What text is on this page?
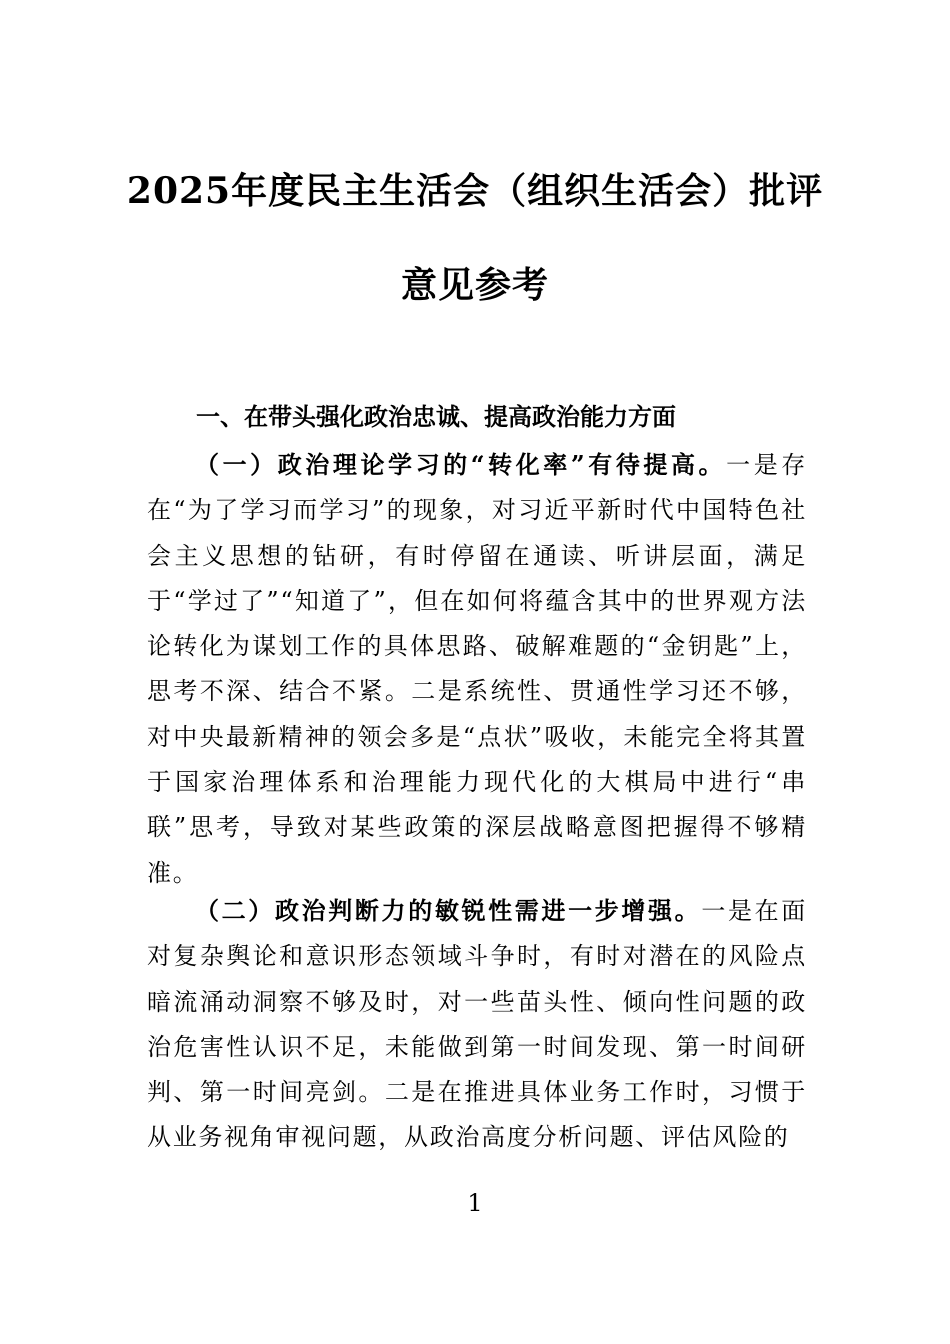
2025年度民主生活会（组织生活会）批评
意见参考
一、在带头强化政治忠诚、提高政治能力方面

（一）政治理论学习的“转化率”有待提高。一是存在“为了学习而学习”的现象，对习近平新时代中国特色社会主义思想的钻研，有时停留在通读、听讲层面，满足于“学过了”“知道了”，但在如何将蕴含其中的世界观方法论转化为谋划工作的具体思路、破解难题的“金钥匙”上，思考不深、结合不紧。二是系统性、贯通性学习还不够，对中央最新精神的领会多是“点状”吸收，未能完全将其置于国家治理体系和治理能力现代化的大棋局中进行“串联”思考，导致对某些政策的深层战略意图把握得不够精准。

（二）政治判断力的敏锐性需进一步增强。一是在面对复杂舆论和意识形态领域斗争时，有时对潜在的风险点暗流涌动洞察不够及时，对一些苗头性、倾向性问题的政治危害性认识不足，未能做到第一时间发现、第一时间研判、第一时间亮剑。二是在推进具体业务工作时，习惯于从业务视角审视问题，从政治高度分析问题、评估风险的

1
